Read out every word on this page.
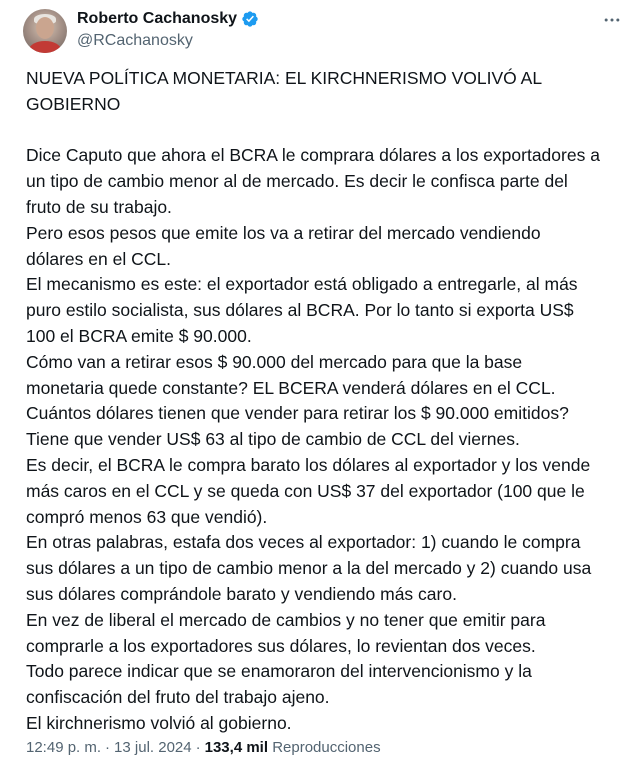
Roberto Cachanosky
@RCachanosky
NUEVA POLÍTICA MONETARIA: EL KIRCHNERISMO VOLIVÓ AL
GOBIERNO
Dice Caputo que ahora el BCRA le comprara dólares a los exportadores a
un tipo de cambio menor al de mercado. Es decir le confisca parte del
fruto de su trabajo.
Pero esos pesos que emite los va a retirar del mercado vendiendo
dólares en el CCL.
El mecanismo es este: el exportador está obligado a entregarle, al más
puro estilo socialista, sus dólares al BCRA. Por lo tanto si exporta US$
100 el BCRA emite $ 90.000.
Cómo van a retirar esos $ 90.000 del mercado para que la base
monetaria quede constante? EL BCERA venderá dólares en el CCL.
Cuántos dólares tienen que vender para retirar los $ 90.000 emitidos?
Tiene que vender US$ 63 al tipo de cambio de CCL del viernes.
Es decir, el BCRA le compra barato los dólares al exportador y los vende
más caros en el CCL y se queda con US$ 37 del exportador (100 que le
compró menos 63 que vendió).
En otras palabras, estafa dos veces al exportador: 1) cuando le compra
sus dólares a un tipo de cambio menor a la del mercado y 2) cuando usa
sus dólares comprándole barato y vendiendo más caro.
En vez de liberal el mercado de cambios y no tener que emitir para
comprarle a los exportadores sus dólares, lo revientan dos veces.
Todo parece indicar que se enamoraron del intervencionismo y la
confiscación del fruto del trabajo ajeno.
El kirchnerismo volvió al gobierno.
12:49 p. m. · 13 jul. 2024 · 133,4 mil Reproducciones
